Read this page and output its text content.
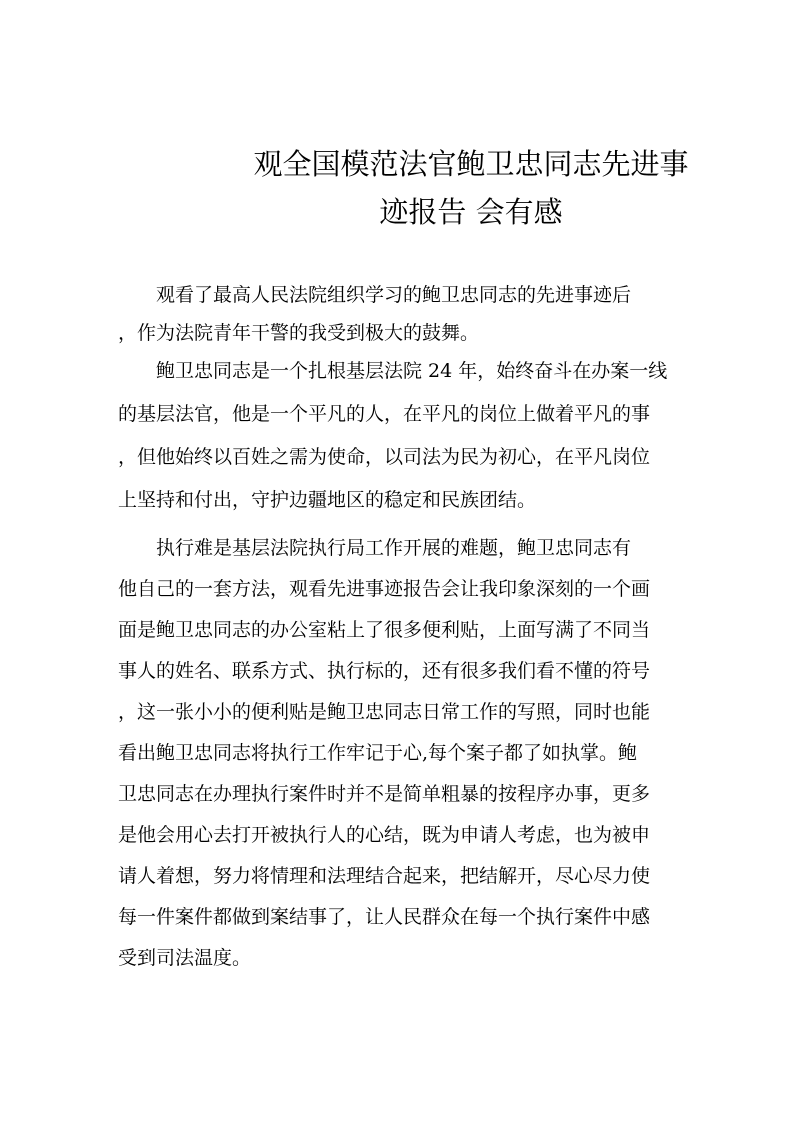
观全国模范法官鲍卫忠同志先进事
迹报告 会有感
　　观看了最高人民法院组织学习的鲍卫忠同志的先进事迹后
，作为法院青年干警的我受到极大的鼓舞。
　　鲍卫忠同志是一个扎根基层法院 24 年，始终奋斗在办案一线
的基层法官，他是一个平凡的人，在平凡的岗位上做着平凡的事
，但他始终以百姓之需为使命，以司法为民为初心，在平凡岗位
上坚持和付出，守护边疆地区的稳定和民族团结。
　　执行难是基层法院执行局工作开展的难题，鲍卫忠同志有
他自己的一套方法，观看先进事迹报告会让我印象深刻的一个画
面是鲍卫忠同志的办公室粘上了很多便利贴，上面写满了不同当
事人的姓名、联系方式、执行标的，还有很多我们看不懂的符号
，这一张小小的便利贴是鲍卫忠同志日常工作的写照，同时也能
看出鲍卫忠同志将执行工作牢记于心,每个案子都了如执掌。鲍
卫忠同志在办理执行案件时并不是简单粗暴的按程序办事，更多
是他会用心去打开被执行人的心结，既为申请人考虑，也为被申
请人着想，努力将情理和法理结合起来，把结解开，尽心尽力使
每一件案件都做到案结事了，让人民群众在每一个执行案件中感
受到司法温度。
